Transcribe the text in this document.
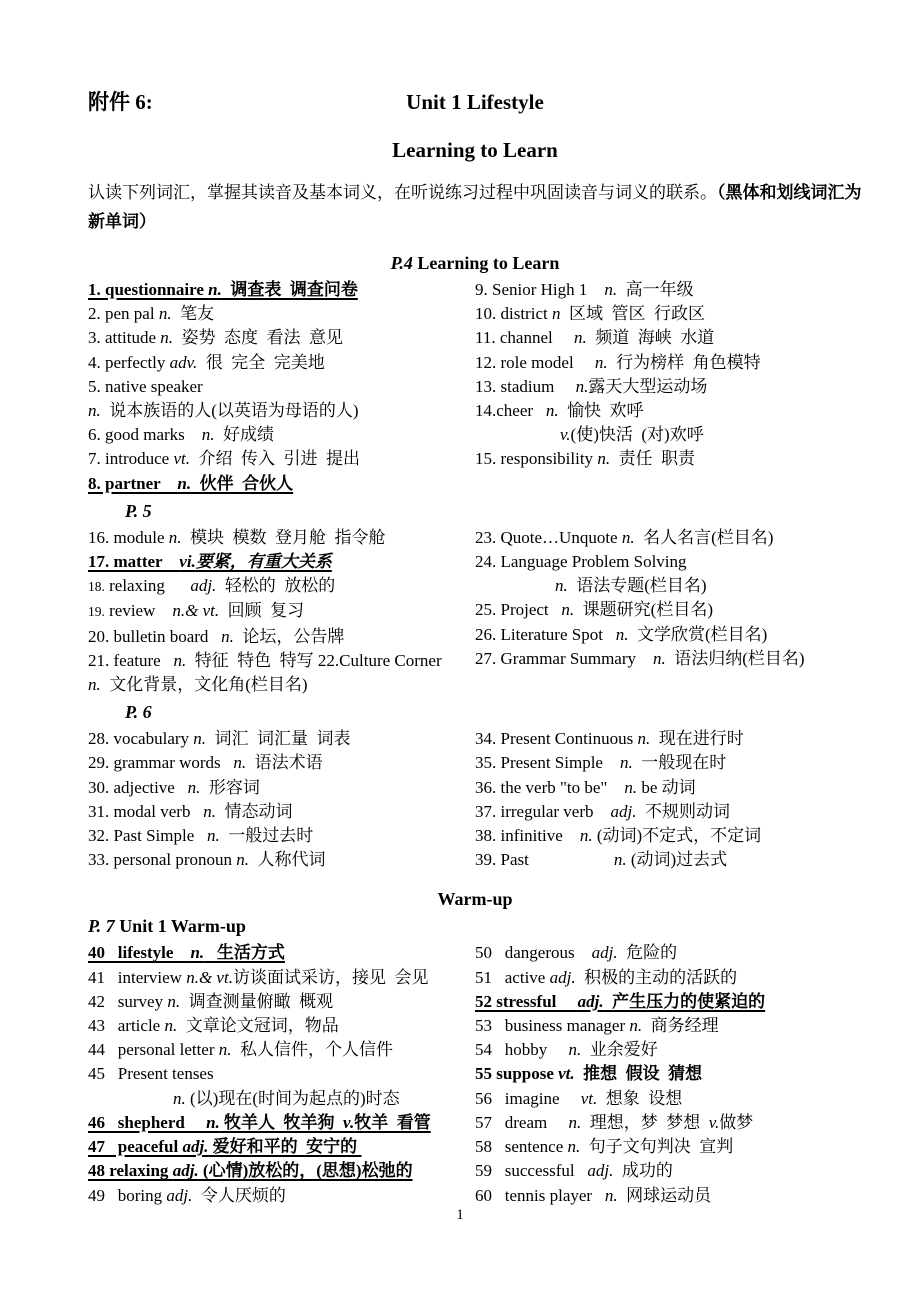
附件 6:	Unit 1 Lifestyle
Learning to Learn

认读下列词汇，掌握其读音及基本词义，在听说练习过程中巩固读音与词义的联系。（黑体和划线词汇为新单词）

P.4 Learning to Learn
1. questionnaire n.  调查表  调查问卷
2. pen pal n.  笔友
3. attitude n.  姿势  态度  看法  意见
4. perfectly adv.  很  完全  完美地
5. native speaker
n.  说本族语的人(以英语为母语的人)
6. good marks    n.  好成绩
7. introduce vt.  介绍  传入  引进  提出
8. partner    n.  伙伴  合伙人
9. Senior High 1    n.  高一年级
10. district n  区域  管区  行政区
11. channel     n.  频道  海峡  水道
12. role model     n.  行为榜样  角色模特
13. stadium     n.露天大型运动场
14.cheer   n.  愉快  欢呼
v.(使)快活  (对)欢呼
15. responsibility n.  责任  职责
P. 5
16. module n.  模块  模数  登月舱  指令舱
17. matter    vi.要紧，有重大关系
18. relaxing      adj.  轻松的  放松的
19. review    n.& vt.  回顾  复习
20. bulletin board   n.  论坛，公告牌
21. feature   n.  特征  特色  特写 22.Culture Corner
n.  文化背景，文化角(栏目名)
23. Quote…Unquote n.  名人名言(栏目名)
24. Language Problem Solving
n.  语法专题(栏目名)
25. Project   n.  课题研究(栏目名)
26. Literature Spot   n.  文学欣赏(栏目名)
27. Grammar Summary    n.  语法归纳(栏目名)
P. 6
28. vocabulary n.  词汇  词汇量  词表
29. grammar words   n.  语法术语
30. adjective   n.  形容词
31. modal verb   n.  情态动词
32. Past Simple   n.  一般过去时
33. personal pronoun n.  人称代词
34. Present Continuous n.  现在进行时
35. Present Simple    n.  一般现在时
36. the verb "to be"    n. be 动词
37. irregular verb    adj.  不规则动词
38. infinitive    n. (动词)不定式，不定词
39. Past                    n. (动词)过去式
Warm-up
P. 7 Unit 1 Warm-up
40   lifestyle    n.   生活方式
41   interview n.& vt.访谈面试采访，接见  会见
42   survey n.  调查测量俯瞰  概观
43   article n.  文章论文冠词，物品
44   personal letter n.  私人信件，个人信件
45   Present tenses
n. (以)现在(时间为起点的)时态
46   shepherd     n. 牧羊人  牧羊狗  v.牧羊  看管
47   peaceful adj. 爱好和平的  安宁的
48 relaxing adj. (心情)放松的，(思想)松弛的
49   boring adj.  令人厌烦的
50   dangerous    adj.  危险的
51   active adj.  积极的主动的活跃的
52 stressful     adj.  产生压力的使紧迫的
53   business manager n.  商务经理
54   hobby     n.  业余爱好
55 suppose vt.  推想  假设  猜想
56   imagine     vt.  想象  设想
57   dream     n.  理想，梦  梦想  v.做梦
58   sentence n.  句子文句判决  宣判
59   successful   adj.  成功的
60   tennis player   n.  网球运动员
1
